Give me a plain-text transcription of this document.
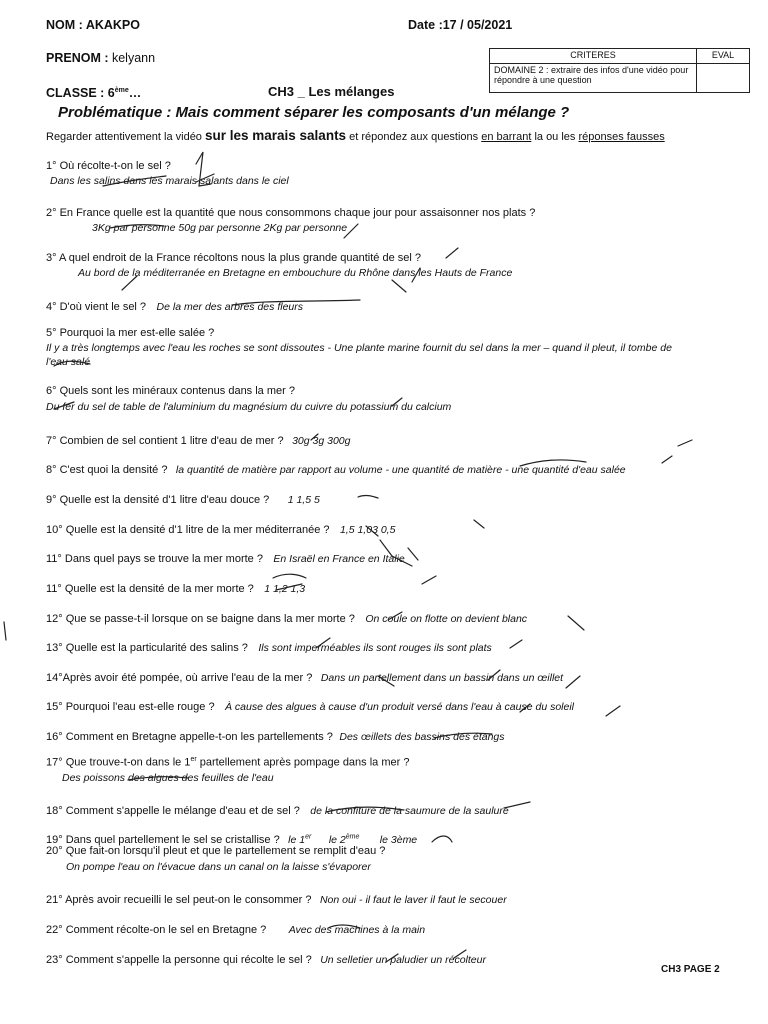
NOM : AKAKPO	Date :17 / 05/2021
PRENOM : kelyann
CLASSE : 6ème…
CRITERES	EVAL
DOMAINE 2 : extraire des infos d'une vidéo pour répondre à une question	
CH3 _ Les mélanges
Problématique : Mais comment séparer les composants d'un mélange ?
Regarder attentivement la vidéo sur les marais salants et répondez aux questions en barrant la ou les réponses fausses
1° Où récolte-t-on le sel ?
Dans les salins dans les marais salants dans le ciel
2° En France quelle est la quantité que nous consommons chaque jour pour assaisonner nos plats ?
3Kg par personne 50g par personne 2Kg par personne
3° A quel endroit de la France récoltons nous la plus grande quantité de sel ?
Au bord de la méditerranée en Bretagne en embouchure du Rhône dans les Hauts de France
4° D'où vient le sel ? De la mer des arbres des fleurs
5° Pourquoi la mer est-elle salée ?
Il y a très longtemps avec l'eau les roches se sont dissoutes - Une plante marine fournit du sel dans la mer – quand il pleut, il tombe de
l'eau salé
6° Quels sont les minéraux contenus dans la mer ?
Du fer du sel de table de l'aluminium du magnésium du cuivre du potassium du calcium
7° Combien de sel contient 1 litre d'eau de mer ? 30g 3g 300g
8° C'est quoi la densité ? la quantité de matière par rapport au volume - une quantité de matière - une quantité d'eau salée
9° Quelle est la densité d'1 litre d'eau douce ? 1 1,5 5
10° Quelle est la densité d'1 litre de la mer méditerranée ? 1,5 1,03 0,5
11° Dans quel pays se trouve la mer morte ? En Israël en France en Italie
11° Quelle est la densité de la mer morte ? 1 1,2 1,3
12° Que se passe-t-il lorsque on se baigne dans la mer morte ? On coule on flotte on devient blanc
13° Quelle est la particularité des salins ? Ils sont imperméables ils sont rouges ils sont plats
14°Après avoir été pompée, où arrive l'eau de la mer ? Dans un partellement dans un bassin dans un œillet
15° Pourquoi l'eau est-elle rouge ? À cause des algues à cause d'un produit versé dans l'eau à cause du soleil
16° Comment en Bretagne appelle-t-on les partellements ? Des œillets des bassins des étangs
17° Que trouve-t-on dans le 1er partellement après pompage dans la mer ?
Des poissons des algues des feuilles de l'eau
18° Comment s'appelle le mélange d'eau et de sel ? de la confiture de la saumure de la saulure
19° Dans quel partellement le sel se cristallise ? le 1er      le 2ème       le 3ème
20° Que fait-on lorsqu'il pleut et que le partellement se remplit d'eau ?
On pompe l'eau on l'évacue dans un canal on la laisse s'évaporer
21° Après avoir recueilli le sel peut-on le consommer ? Non oui - il faut le laver il faut le secouer
22° Comment récolte-on le sel en Bretagne ? Avec des machines à la main
23° Comment s'appelle la personne qui récolte le sel ? Un selletier un paludier un récolteur
CH3 PAGE 2
